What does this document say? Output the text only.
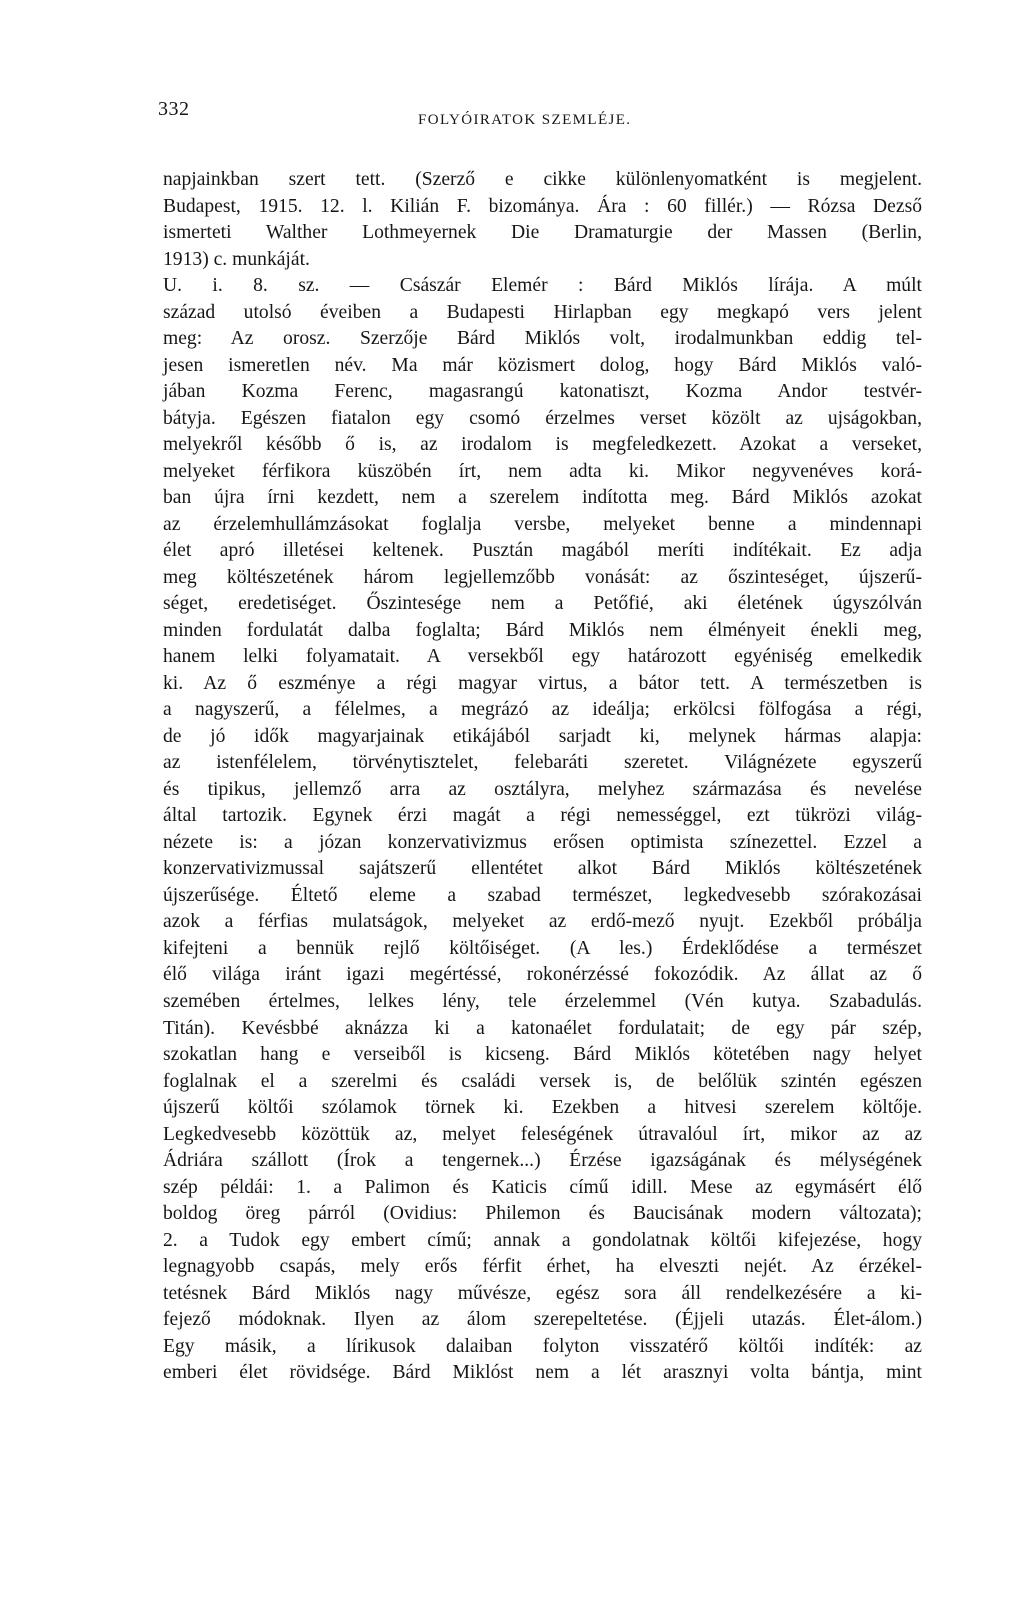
332	FOLYÓIRATOK SZEMLÉJE.
napjainkban szert tett. (Szerző e cikke különlenyomatként is megjelent.
Budapest, 1915. 12. l. Kilián F. bizománya. Ára : 60 fillér.) — Rózsa Dezső
ismerteti Walther Lothmeyernek Die Dramaturgie der Massen (Berlin,
1913) c. munkáját.
U. i. 8. sz. — Császár Elemér : Bárd Miklós lírája. A múlt
század utolsó éveiben a Budapesti Hirlapban egy megkapó vers jelent
meg: Az orosz. Szerzője Bárd Miklós volt, irodalmunkban eddig tel-
jesen ismeretlen név. Ma már közismert dolog, hogy Bárd Miklós való-
jában Kozma Ferenc, magasrangú katonatiszt, Kozma Andor testvér-
bátyja. Egészen fiatalon egy csomó érzelmes verset közölt az ujságokban,
melyekről később ő is, az irodalom is megfeledkezett. Azokat a verseket,
melyeket férfikora küszöbén írt, nem adta ki. Mikor negyvenéves korá-
ban újra írni kezdett, nem a szerelem indította meg. Bárd Miklós azokat
az érzelemhullámzásokat foglalja versbe, melyeket benne a mindennapi
élet apró illetései keltenek. Pusztán magából meríti indítékait. Ez adja
meg költészetének három legjellemzőbb vonását: az őszinteséget, újszerű-
séget, eredetiséget. Őszintesége nem a Petőfié, aki életének úgyszólván
minden fordulatát dalba foglalta; Bárd Miklós nem élményeit énekli meg,
hanem lelki folyamatait. A versekből egy határozott egyéniség emelkedik
ki. Az ő eszménye a régi magyar virtus, a bátor tett. A természetben is
a nagyszerű, a félelmes, a megrázó az ideálja; erkölcsi fölfogása a régi,
de jó idők magyarjainak etikájából sarjadt ki, melynek hármas alapja:
az istenfélelem, törvénytisztelet, felebaráti szeretet. Világnézete egyszerű
és tipikus, jellemző arra az osztályra, melyhez származása és nevelése
által tartozik. Egynek érzi magát a régi nemességgel, ezt tükrözi világ-
nézete is: a józan konzervativizmus erősen optimista színezettel. Ezzel a
konzervativizmussal sajátszerű ellentétet alkot Bárd Miklós költészetének
újszerűsége. Éltető eleme a szabad természet, legkedvesebb szórakozásai
azok a férfias mulatságok, melyeket az erdő-mező nyujt. Ezekből próbálja
kifejteni a bennük rejlő költőiséget. (A les.) Érdeklődése a természet
élő világa iránt igazi megértéssé, rokonérzéssé fokozódik. Az állat az ő
szemében értelmes, lelkes lény, tele érzelemmel (Vén kutya. Szabadulás.
Titán). Kevésbbé aknázza ki a katonaélet fordulatait; de egy pár szép,
szokatlan hang e verseiből is kicseng. Bárd Miklós kötetében nagy helyet
foglalnak el a szerelmi és családi versek is, de belőlük szintén egészen
újszerű költői szólamok törnek ki. Ezekben a hitvesi szerelem költője.
Legkedvesebb közöttük az, melyet feleségének útravalóul írt, mikor az az
Ádriára szállott (Írok a tengernek...) Érzése igazságának és mélységének
szép példái: 1. a Palimon és Katicis című idill. Mese az egymásért élő
boldog öreg párról (Ovidius: Philemon és Baucisának modern változata);
2. a Tudok egy embert című; annak a gondolatnak költői kifejezése, hogy
legnagyobb csapás, mely erős férfit érhet, ha elveszti nejét. Az érzékel-
tetésnek Bárd Miklós nagy művésze, egész sora áll rendelkezésére a ki-
fejező módoknak. Ilyen az álom szerepeltetése. (Éjjeli utazás. Élet-álom.)
Egy másik, a lírikusok dalaiban folyton visszatérő költői indíték: az
emberi élet rövidsége. Bárd Miklóst nem a lét arasznyi volta bántja, mint
